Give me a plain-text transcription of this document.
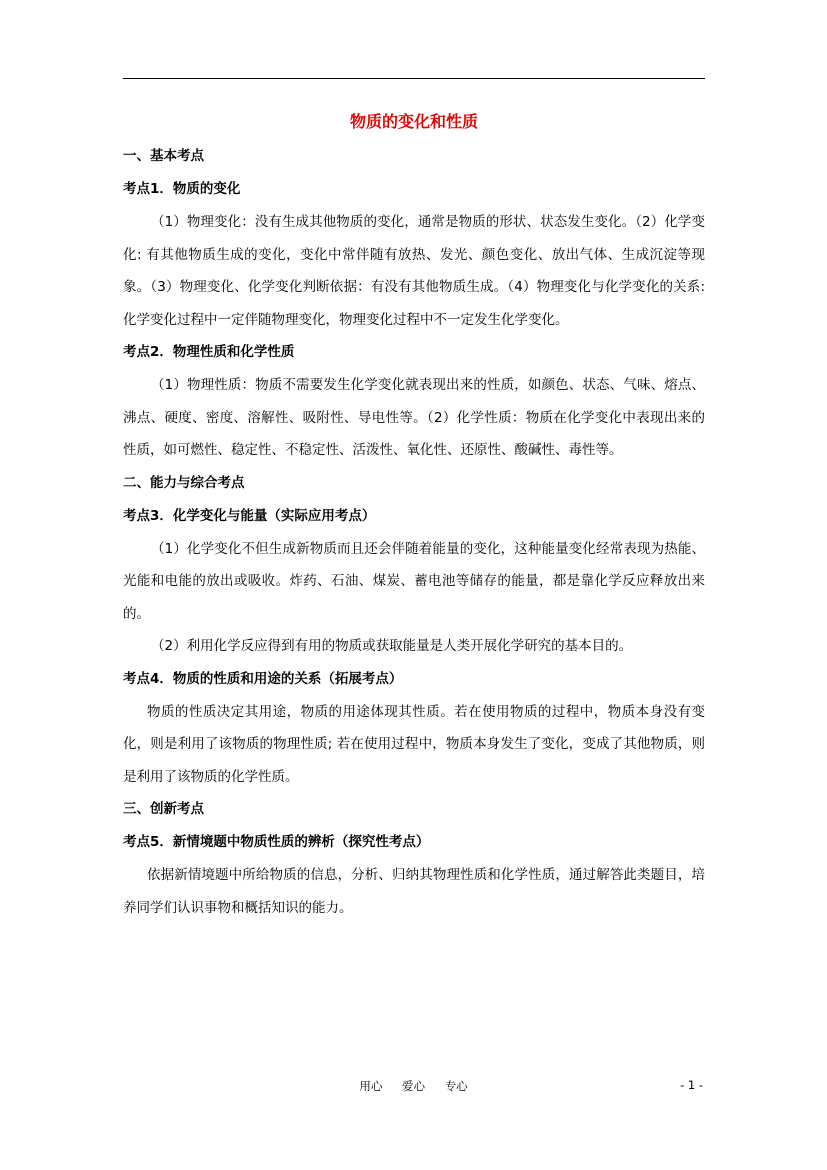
物质的变化和性质

一、基本考点

考点1．物质的变化

（1）物理变化：没有生成其他物质的变化，通常是物质的形状、状态发生变化。（2）化学变化: 有其他物质生成的变化，变化中常伴随有放热、发光、颜色变化、放出气体、生成沉淀等现象。（3）物理变化、化学变化判断依据：有没有其他物质生成。（4）物理变化与化学变化的关系: 化学变化过程中一定伴随物理变化，物理变化过程中不一定发生化学变化。

考点2．物理性质和化学性质

（1）物理性质：物质不需要发生化学变化就表现出来的性质，如颜色、状态、气味、熔点、沸点、硬度、密度、溶解性、吸附性、导电性等。（2）化学性质：物质在化学变化中表现出来的性质，如可燃性、稳定性、不稳定性、活泼性、氧化性、还原性、酸碱性、毒性等。

二、能力与综合考点

考点3．化学变化与能量（实际应用考点）

（1）化学变化不但生成新物质而且还会伴随着能量的变化，这种能量变化经常表现为热能、光能和电能的放出或吸收。炸药、石油、煤炭、蓄电池等储存的能量，都是靠化学反应释放出来的。

（2）利用化学反应得到有用的物质或获取能量是人类开展化学研究的基本目的。

考点4．物质的性质和用途的关系（拓展考点）

物质的性质决定其用途，物质的用途体现其性质。若在使用物质的过程中，物质本身没有变化，则是利用了该物质的物理性质; 若在使用过程中，物质本身发生了变化，变成了其他物质，则是利用了该物质的化学性质。

三、创新考点

考点5．新情境题中物质性质的辨析（探究性考点）

依据新情境题中所给物质的信息，分析、归纳其物理性质和化学性质，通过解答此类题目，培养同学们认识事物和概括知识的能力。

用心 爱心 专心	- 1 -
